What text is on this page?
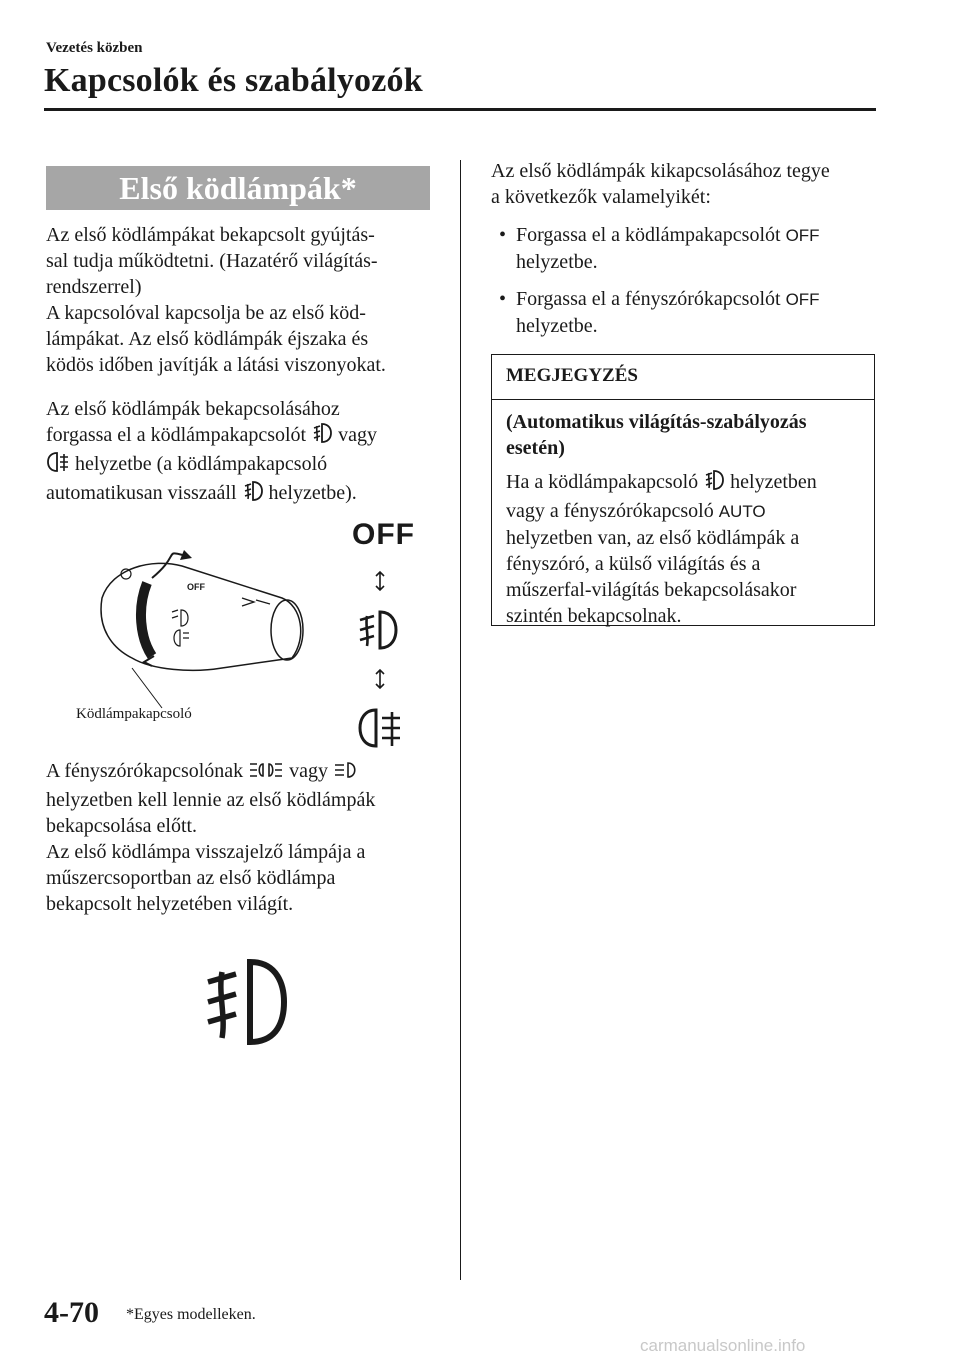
Vezetés közben
Kapcsolók és szabályozók
Első ködlámpák*

Az első ködlámpákat bekapcsolt gyújtás-

sal tudja működtetni. (Hazatérő világítás-

rendszerrel)

A kapcsolóval kapcsolja be az első köd-

lámpákat. Az első ködlámpák éjszaka és

ködös időben javítják a látási viszonyokat.

Az első ködlámpák bekapcsolásához

forgassa el a ködlámpakapcsolót vagy

helyzetbe (a ködlámpakapcsoló

automatikusan visszaáll helyzetbe).

OFF
OFF
Ködlámpakapcsoló

A fényszórókapcsolónak vagy

helyzetben kell lennie az első ködlámpák

bekapcsolása előtt.

Az első ködlámpa visszajelző lámpája a

műszercsoportban az első ködlámpa

bekapcsolt helyzetében világít.

Az első ködlámpák kikapcsolásához tegye

a következők valamelyikét:

• Forgassa el a ködlámpakapcsolót OFF
helyzetbe.
• Forgassa el a fényszórókapcsolót OFF
helyzetbe.
MEGJEGYZÉS

(Automatikus világítás-szabályozás

esetén)

Ha a ködlámpakapcsoló helyzetben

vagy a fényszórókapcsoló AUTO

helyzetben van, az első ködlámpák a

fényszóró, a külső világítás és a

műszerfal-világítás bekapcsolásakor

szintén bekapcsolnak.

4-70 *Egyes modelleken.
carmanualsonline.info
